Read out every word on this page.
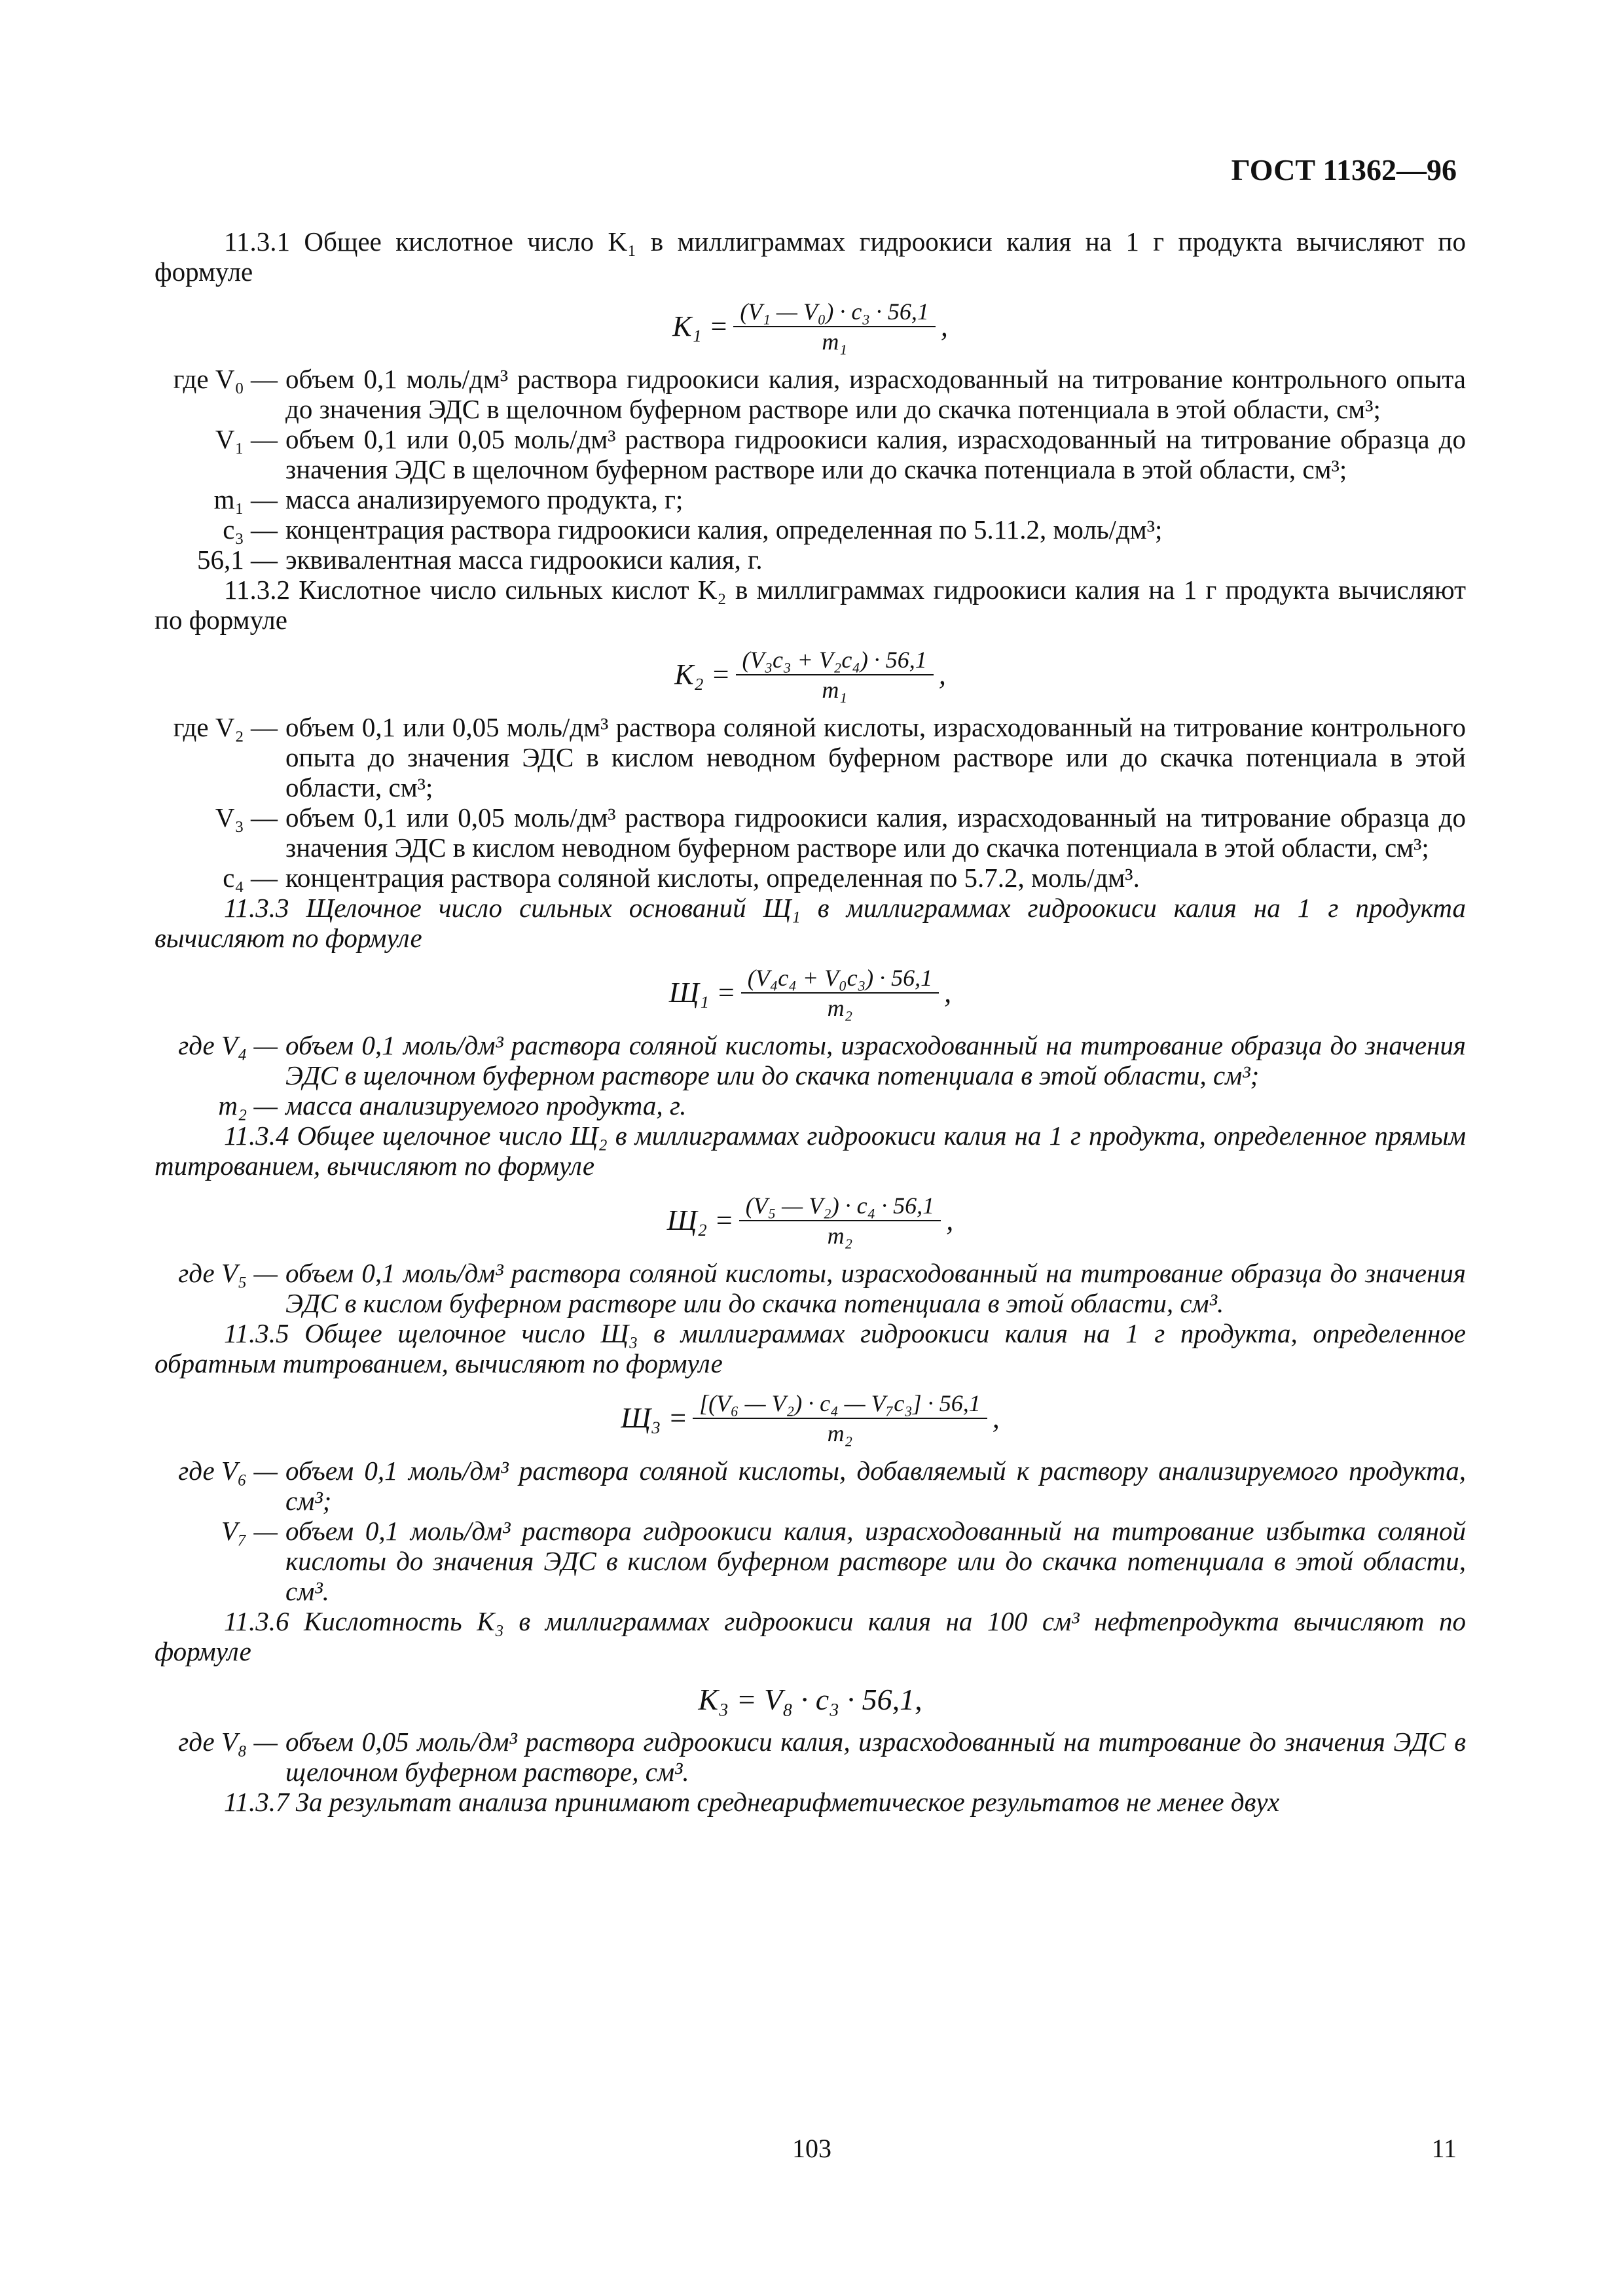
ГОСТ 11362—96

11.3.1 Общее кислотное число K₁ в миллиграммах гидроокиси калия на 1 г продукта вычисляют по формуле

$K_1 = \frac{\text{(V₁ — V₀) · c₃ · 56,1}}{\text{m₁}}$ ,
где V₀ — объем 0,1 моль/дм³ раствора гидроокиси калия, израсходованный на титрование контрольного опыта до значения ЭДС в щелочном буферном растворе или до скачка потенциала в этой области, см³;
V₁ — объем 0,1 или 0,05 моль/дм³ раствора гидроокиси калия, израсходованный на титрование образца до значения ЭДС в щелочном буферном растворе или до скачка потенциала в этой области, см³;
m₁ — масса анализируемого продукта, г;
c₃ — концентрация раствора гидроокиси калия, определенная по 5.11.2, моль/дм³;
56,1 — эквивалентная масса гидроокиси калия, г.

11.3.2 Кислотное число сильных кислот K₂ в миллиграммах гидроокиси калия на 1 г продукта вычисляют по формуле

$K_2 = \frac{\text{(V₃c₃ + V₂c₄) · 56,1}}{\text{m₁}}$ ,
где V₂ — объем 0,1 или 0,05 моль/дм³ раствора соляной кислоты, израсходованный на титрование контрольного опыта до значения ЭДС в кислом неводном буферном растворе или до скачка потенциала в этой области, см³;
V₃ — объем 0,1 или 0,05 моль/дм³ раствора гидроокиси калия, израсходованный на титрование образца до значения ЭДС в кислом неводном буферном растворе или до скачка потенциала в этой области, см³;
c₄ — концентрация раствора соляной кислоты, определенная по 5.7.2, моль/дм³.

11.3.3 Щелочное число сильных оснований Щ₁ в миллиграммах гидроокиси калия на 1 г продукта вычисляют по формуле

$Щ_1 = \frac{\text{(V₄c₄ + V₀c₃) · 56,1}}{\text{m₂}}$ ,
где V₄ — объем 0,1 моль/дм³ раствора соляной кислоты, израсходованный на титрование образца до значения ЭДС в щелочном буферном растворе или до скачка потенциала в этой области, см³;
m₂ — масса анализируемого продукта, г.

11.3.4 Общее щелочное число Щ₂ в миллиграммах гидроокиси калия на 1 г продукта, определенное прямым титрованием, вычисляют по формуле

$Щ_2 = \frac{\text{(V₅ — V₂) · c₄ · 56,1}}{\text{m₂}}$ ,
где V₅ — объем 0,1 моль/дм³ раствора соляной кислоты, израсходованный на титрование образца до значения ЭДС в кислом буферном растворе или до скачка потенциала в этой области, см³.

11.3.5 Общее щелочное число Щ₃ в миллиграммах гидроокиси калия на 1 г продукта, определенное обратным титрованием, вычисляют по формуле

$Щ_3 = \frac{\text{[(V₆ — V₂) · c₄ — V₇c₃] · 56,1}}{\text{m₂}}$ ,
где V₆ — объем 0,1 моль/дм³ раствора соляной кислоты, добавляемый к раствору анализируемого продукта, см³;
V₇ — объем 0,1 моль/дм³ раствора гидроокиси калия, израсходованный на титрование избытка соляной кислоты до значения ЭДС в кислом буферном растворе или до скачка потенциала в этой области, см³.

11.3.6 Кислотность K₃ в миллиграммах гидроокиси калия на 100 см³ нефтепродукта вычисляют по формуле

K₃ = V₈ · c₃ · 56,1,
где V₈ — объем 0,05 моль/дм³ раствора гидроокиси калия, израсходованный на титрование до значения ЭДС в щелочном буферном растворе, см³.

11.3.7 За результат анализа принимают среднеарифметическое результатов не менее двух

103	11
